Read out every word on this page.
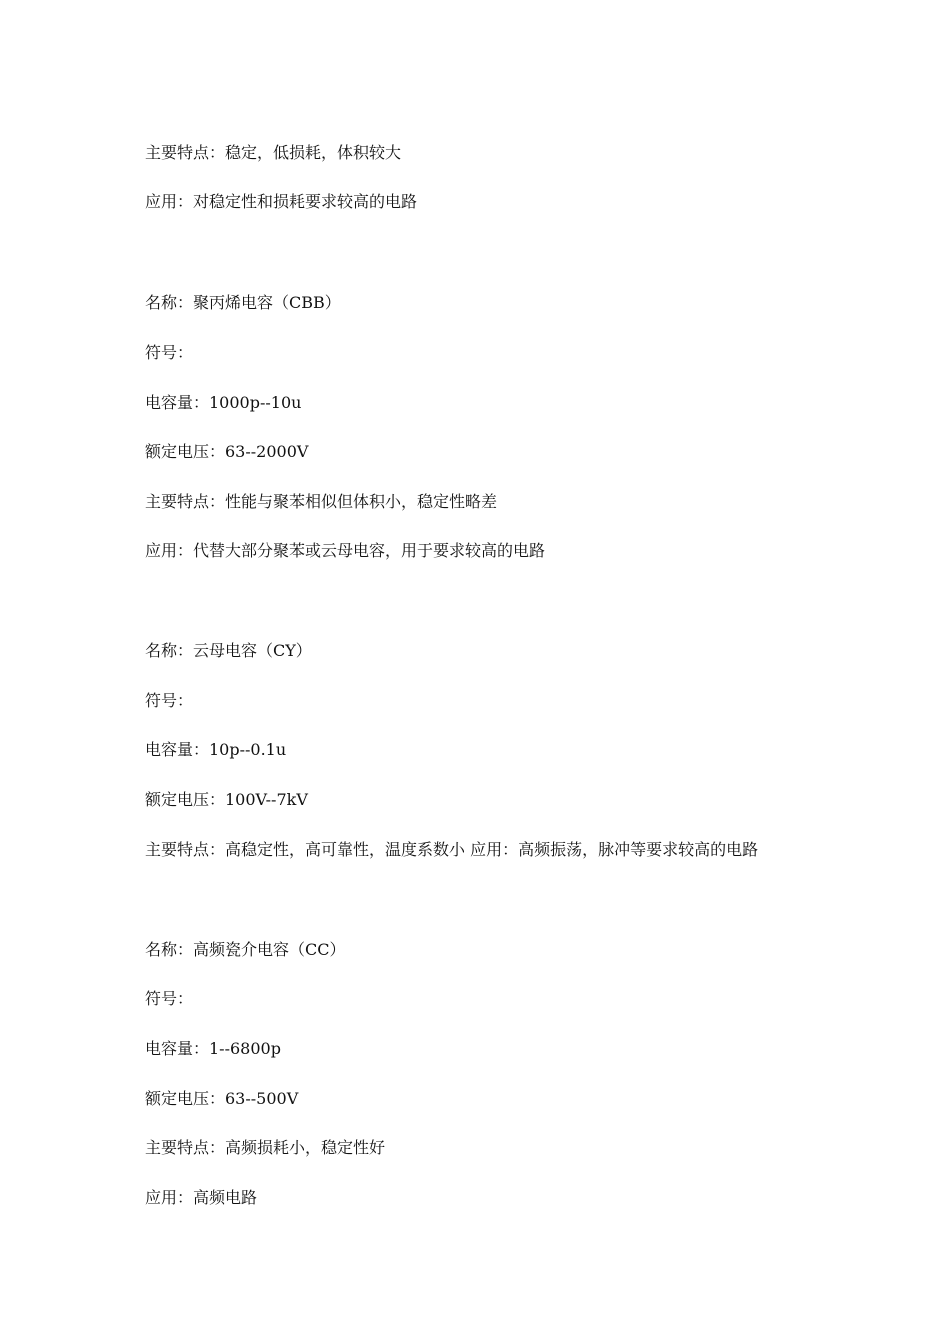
主要特点：稳定，低损耗，体积较大
应用：对稳定性和损耗要求较高的电路
名称：聚丙烯电容（CBB）
符号：
电容量：1000p--10u
额定电压：63--2000V
主要特点：性能与聚苯相似但体积小，稳定性略差
应用：代替大部分聚苯或云母电容，用于要求较高的电路
名称：云母电容（CY）
符号：
电容量：10p--0.1u
额定电压：100V--7kV
主要特点：高稳定性，高可靠性，温度系数小 应用：高频振荡，脉冲等要求较高的电路
名称：高频瓷介电容（CC）
符号：
电容量：1--6800p
额定电压：63--500V
主要特点：高频损耗小，稳定性好
应用：高频电路
